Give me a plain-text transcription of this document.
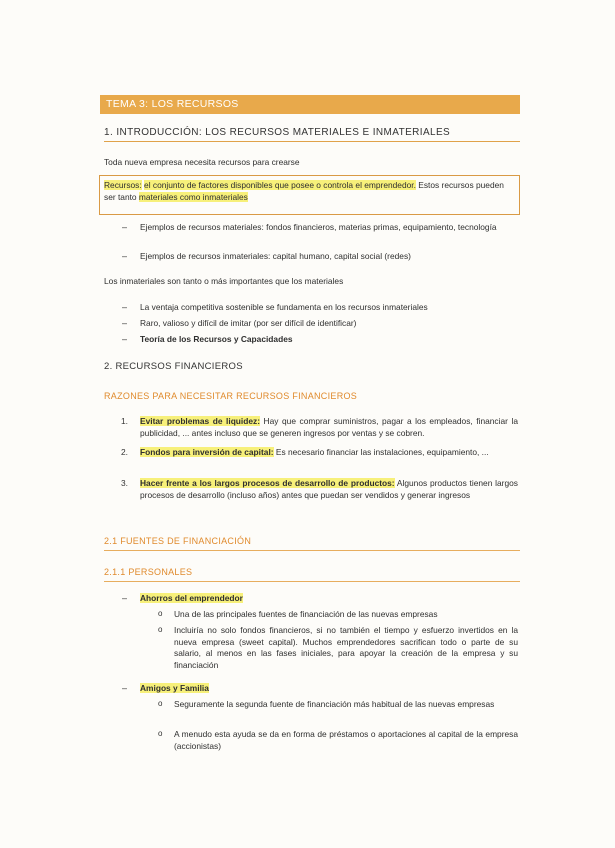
TEMA 3: LOS RECURSOS
1. INTRODUCCIÓN: LOS RECURSOS MATERIALES E INMATERIALES
Toda nueva empresa necesita recursos para crearse
Recursos: el conjunto de factores disponibles que posee o controla el emprendedor. Estos recursos pueden ser tanto materiales como inmateriales
– Ejemplos de recursos materiales: fondos financieros, materias primas, equipamiento, tecnología
– Ejemplos de recursos inmateriales: capital humano, capital social (redes)
Los inmateriales son tanto o más importantes que los materiales
– La ventaja competitiva sostenible se fundamenta en los recursos inmateriales
– Raro, valioso y difícil de imitar (por ser difícil de identificar)
– Teoría de los Recursos y Capacidades
2. RECURSOS FINANCIEROS
RAZONES PARA NECESITAR RECURSOS FINANCIEROS
1. Evitar problemas de liquidez: Hay que comprar suministros, pagar a los empleados, financiar la publicidad, ... antes incluso que se generen ingresos por ventas y se cobren.
2. Fondos para inversión de capital: Es necesario financiar las instalaciones, equipamiento, ...
3. Hacer frente a los largos procesos de desarrollo de productos: Algunos productos tienen largos procesos de desarrollo (incluso años) antes que puedan ser vendidos y generar ingresos
2.1 FUENTES DE FINANCIACIÓN
2.1.1 PERSONALES
– Ahorros del emprendedor
o Una de las principales fuentes de financiación de las nuevas empresas
o Incluiría no solo fondos financieros, si no también el tiempo y esfuerzo invertidos en la nueva empresa (sweet capital). Muchos emprendedores sacrifican todo o parte de su salario, al menos en las fases iniciales, para apoyar la creación de la empresa y su financiación
– Amigos y Familia
o Seguramente la segunda fuente de financiación más habitual de las nuevas empresas
o A menudo esta ayuda se da en forma de préstamos o aportaciones al capital de la empresa (accionistas)
